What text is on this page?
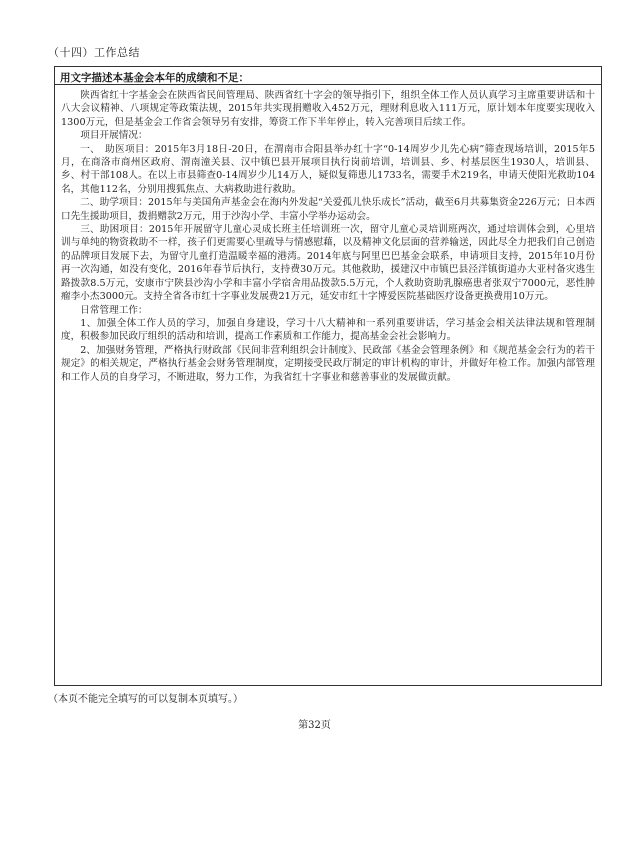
（十四）工作总结
用文字描述本基金会本年的成绩和不足：

陕西省红十字基金会在陕西省民间管理局、陕西省红十字会的领导指引下，组织全体工作人员认真学习主席重要讲话和十八大会议精神、八项规定等政策法规，2015年共实现捐赠收入452万元，理财利息收入111万元，原计划本年度要实现收入1300万元，但是基金会工作省会领导另有安排，筹资工作下半年停止，转入完善项目后续工作。

项目开展情况：

一、　助医项目：2015年3月18日-20日，在渭南市合阳县举办红十字“0-14周岁少儿先心病”筛查现场培训，2015年5月，在商洛市商州区政府、渭南潼关县、汉中镇巴县开展项目执行岗前培训，培训县、乡、村基层医生1930人，培训县、乡、村干部108人。在以上市县筛查0-14周岁少儿14万人，疑似复筛患儿1733名，需要手术219名，申请天使阳光救助104名，其他112名，分别用搜狐焦点、大病救助进行救助。

二、助学项目：2015年与美国角声基金会在海内外发起“关爱孤儿快乐成长”活动，截至6月共募集资金226万元；日本西口先生援助项目，拨捐赠款2万元，用于沙沟小学、丰富小学举办运动会。

三、助困项目：2015年开展留守儿童心灵成长班主任培训班一次，留守儿童心灵培训班两次，通过培训体会到，心里培训与单纯的物资救助不一样，孩子们更需要心里疏导与情感慰藉，以及精神文化层面的营养输送，因此尽全力把我们自己创造的品牌项目发展下去，为留守儿童打造温暖幸福的港湾。2014年底与阿里巴巴基金会联系，申请项目支持，2015年10月份再一次沟通，如没有变化，2016年春节后执行，支持费30万元。其他救助，援建汉中市镇巴县泾洋镇街道办大亚村备灾逃生路拨款8.5万元，安康市宁陕县沙沟小学和丰富小学宿舍用品拨款5.5万元，个人救助资助乳腺癌患者张双宁7000元，恶性肿瘤李小杰3000元。支持全省各市红十字事业发展费21万元，延安市红十字博爱医院基础医疗设备更换费用10万元。

日常管理工作：

1、加强全体工作人员的学习，加强自身建设，学习十八大精神和一系列重要讲话，学习基金会相关法律法规和管理制度，积极参加民政厅组织的活动和培训，提高工作素质和工作能力，提高基金会社会影响力。

2、加强财务管理，严格执行财政部《民间非营利组织会计制度》、民政部《基金会管理条例》和《规范基金会行为的若干规定》的相关规定，严格执行基金会财务管理制度，定期接受民政厅制定的审计机构的审计，并做好年检工作。加强内部管理和工作人员的自身学习，不断进取，努力工作，为我省红十字事业和慈善事业的发展做贡献。

（本页不能完全填写的可以复制本页填写。）
第32页
